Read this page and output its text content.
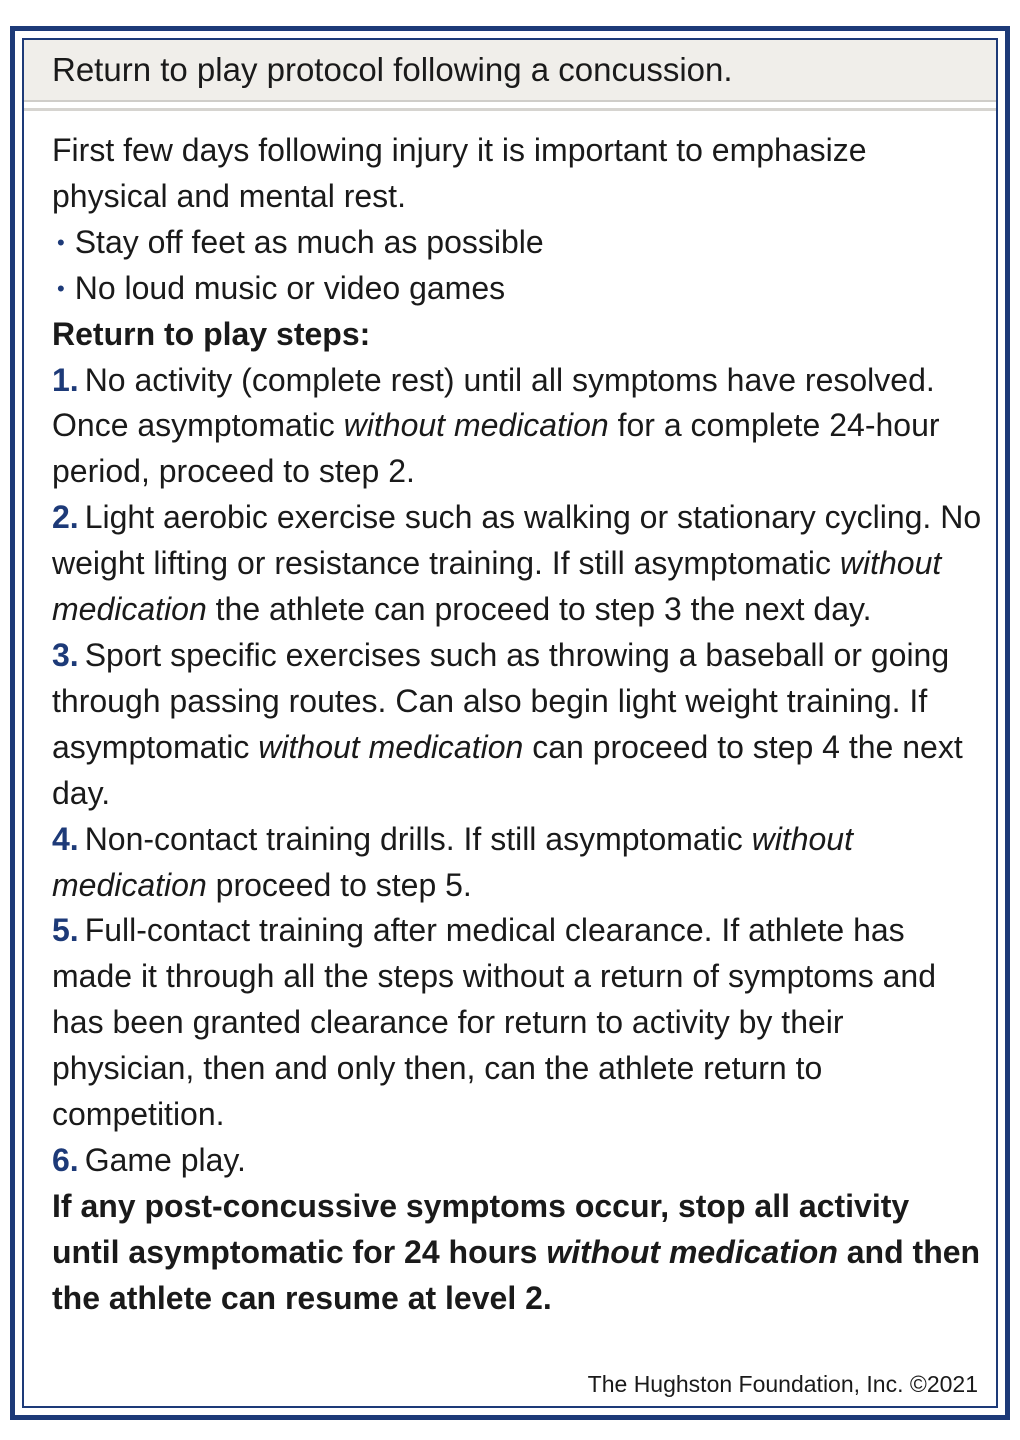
Return to play protocol following a concussion.

First few days following injury it is important to emphasize physical and mental rest.

• Stay off feet as much as possible

• No loud music or video games

Return to play steps:

1. No activity (complete rest) until all symptoms have resolved. Once asymptomatic without medication for a complete 24-hour period, proceed to step 2.

2. Light aerobic exercise such as walking or stationary cycling. No weight lifting or resistance training. If still asymptomatic without medication the athlete can proceed to step 3 the next day.

3. Sport specific exercises such as throwing a baseball or going through passing routes. Can also begin light weight training. If asymptomatic without medication can proceed to step 4 the next day.

4. Non-contact training drills. If still asymptomatic without medication proceed to step 5.

5. Full-contact training after medical clearance. If athlete has made it through all the steps without a return of symptoms and has been granted clearance for return to activity by their physician, then and only then, can the athlete return to competition.

6. Game play.

If any post-concussive symptoms occur, stop all activity until asymptomatic for 24 hours without medication and then the athlete can resume at level 2.

The Hughston Foundation, Inc. ©2021
